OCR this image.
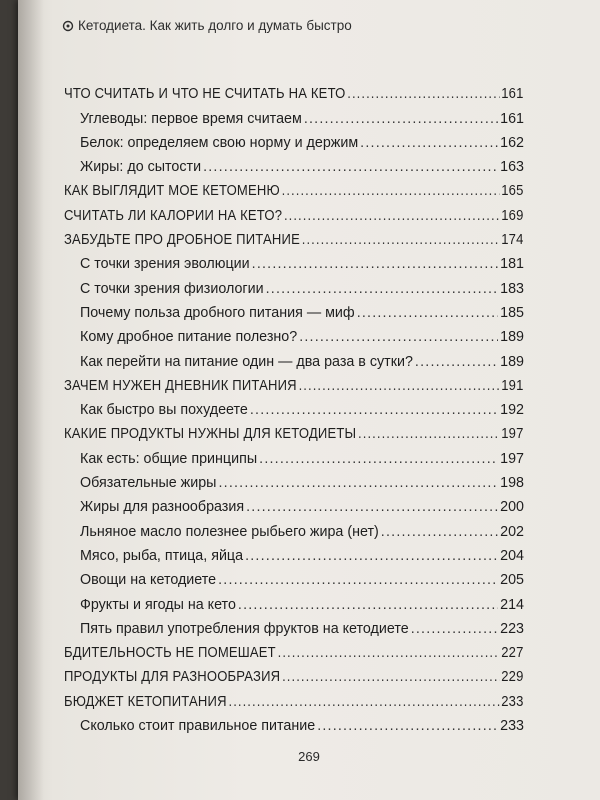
Кетодиета. Как жить долго и думать быстро
ЧТО СЧИТАТЬ И ЧТО НЕ СЧИТАТЬ НА КЕТО .....	161
Углеводы: первое время считаем .....	161
Белок: определяем свою норму и держим .....	162
Жиры: до сытости .....	163
КАК ВЫГЛЯДИТ МОЕ КЕТОМЕНЮ .....	165
СЧИТАТЬ ЛИ КАЛОРИИ НА КЕТО? .....	169
ЗАБУДЬТЕ ПРО ДРОБНОЕ ПИТАНИЕ .....	174
С точки зрения эволюции .....	181
С точки зрения физиологии .....	183
Почему польза дробного питания — миф .....	185
Кому дробное питание полезно? .....	189
Как перейти на питание один — два раза в сутки? .....	189
ЗАЧЕМ НУЖЕН ДНЕВНИК ПИТАНИЯ .....	191
Как быстро вы похудеете .....	192
КАКИЕ ПРОДУКТЫ НУЖНЫ ДЛЯ КЕТОДИЕТЫ .....	197
Как есть: общие принципы .....	197
Обязательные жиры .....	198
Жиры для разнообразия .....	200
Льняное масло полезнее рыбьего жира (нет) .....	202
Мясо, рыба, птица, яйца .....	204
Овощи на кетодиете .....	205
Фрукты и ягоды на кето .....	214
Пять правил употребления фруктов на кетодиете .....	223
БДИТЕЛЬНОСТЬ НЕ ПОМЕШАЕТ .....	227
ПРОДУКТЫ ДЛЯ РАЗНООБРАЗИЯ .....	229
БЮДЖЕТ КЕТОПИТАНИЯ .....	233
Сколько стоит правильное питание .....	233
269
